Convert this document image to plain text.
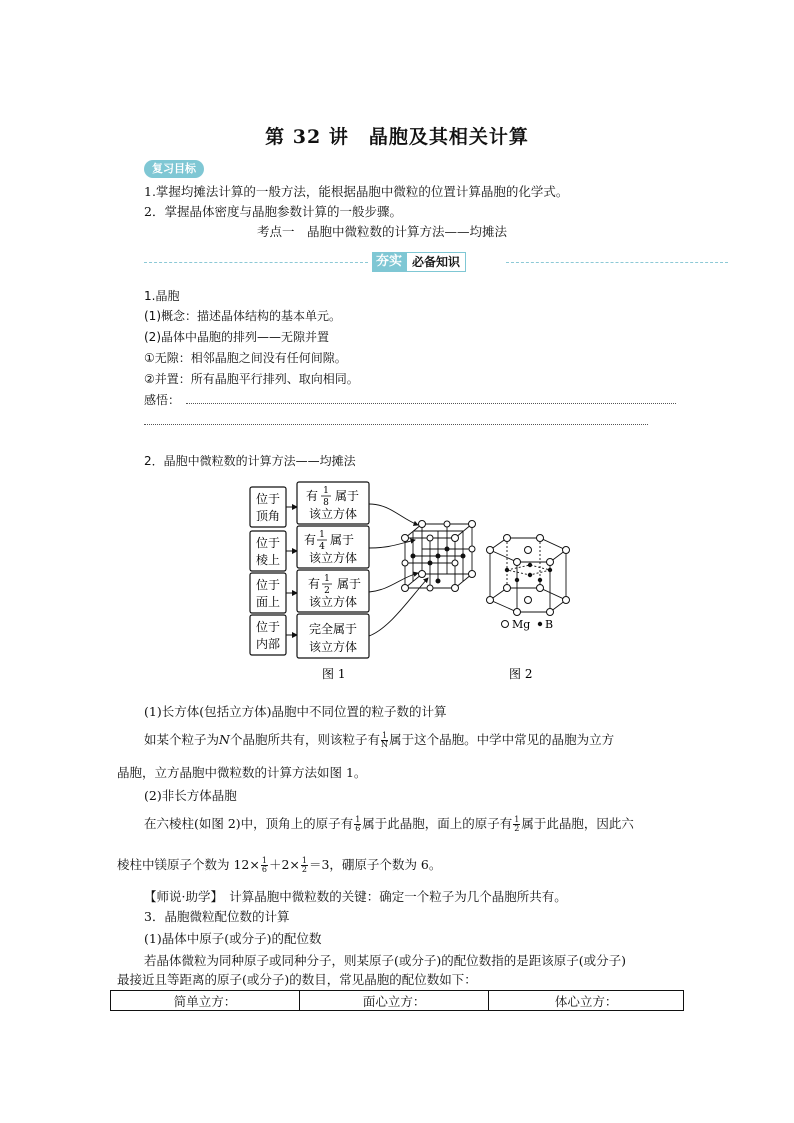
第 32 讲　晶胞及其相关计算
复习目标
1.掌握均摊法计算的一般方法，能根据晶胞中微粒的位置计算晶胞的化学式。
2．掌握晶体密度与晶胞参数计算的一般步骤。
考点一　晶胞中微粒数的计算方法——均摊法
夯实 必备知识
1.晶胞
(1)概念：描述晶体结构的基本单元。
(2)晶体中晶胞的排列——无隙并置
①无隙：相邻晶胞之间没有任何间隙。
②并置：所有晶胞平行排列、取向相同。
感悟：
2．晶胞中微粒数的计算方法——均摊法
位于
顶角
位于
棱上
位于
面上
位于
内部
有 1
8 属于
该立方体
有 1
4 属于
该立方体
有 1
2 属于
该立方体
完全属于
该立方体
图 1
Mg B
图 2
(1)长方体(包括立方体)晶胞中不同位置的粒子数的计算
如某个粒子为N个晶胞所共有，则该粒子有 $\frac{1}{N}$ 属于这个晶胞。中学中常见的晶胞为立方
晶胞，立方晶胞中微粒数的计算方法如图 1。
(2)非长方体晶胞
在六棱柱(如图 2)中，顶角上的原子有 $\frac{1}{6}$ 属于此晶胞，面上的原子有 $\frac{1}{2}$ 属于此晶胞，因此六
棱柱中镁原子个数为 $12\times \frac{1}{6} +2\times \frac{1}{2} =3$，硼原子个数为 6。
【师说·助学】　 计算晶胞中微粒数的关键：确定一个粒子为几个晶胞所共有。
3．晶胞微粒配位数的计算
(1)晶体中原子(或分子)的配位数
若晶体微粒为同种原子或同种分子，则某原子(或分子)的配位数指的是距该原子(或分子)
最接近且等距离的原子(或分子)的数目，常见晶胞的配位数如下：
简单立方：	面心立方：	体心立方：
